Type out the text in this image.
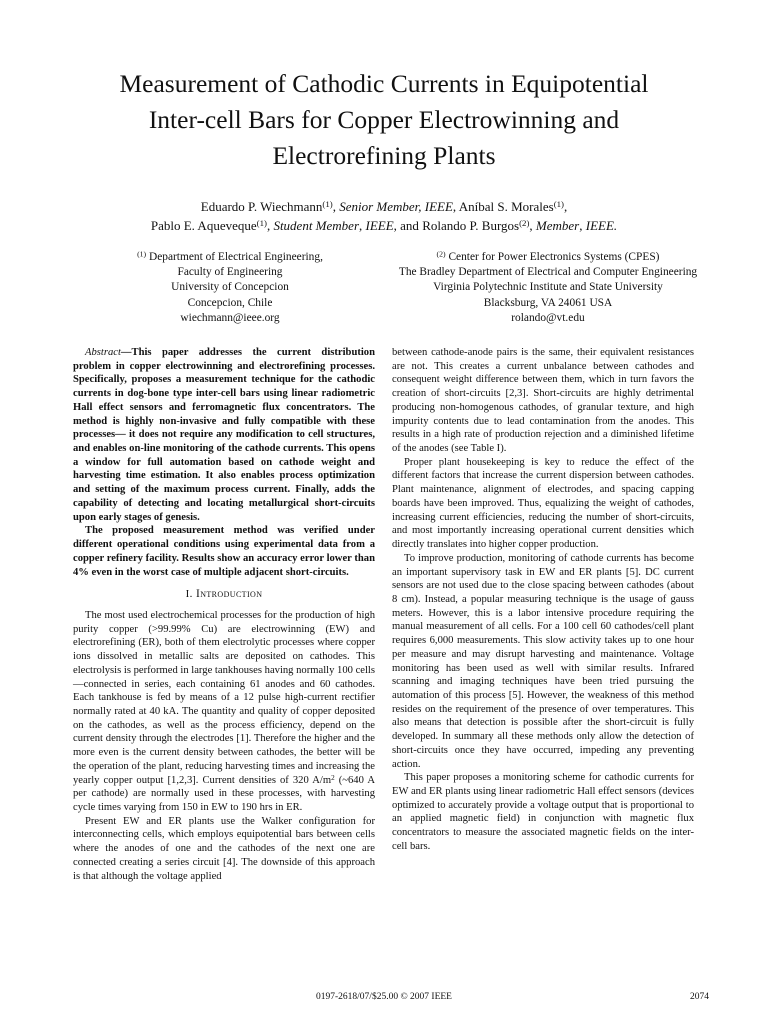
Measurement of Cathodic Currents in Equipotential
Inter-cell Bars for Copper Electrowinning and
Electrorefining Plants
Eduardo P. Wiechmann$^{(1)}$, Senior Member, IEEE, Aníbal S. Morales$^{(1)}$,
Pablo E. Aqueveque$^{(1)}$, Student Member, IEEE, and Rolando P. Burgos$^{(2)}$, Member, IEEE.
$^{(1)}$ Department of Electrical Engineering,
Faculty of Engineering
University of Concepcion
Concepcion, Chile
wiechmann@ieee.org
$^{(2)}$ Center for Power Electronics Systems (CPES)
The Bradley Department of Electrical and Computer Engineering
Virginia Polytechnic Institute and State University
Blacksburg, VA 24061 USA
rolando@vt.edu

Abstract—This paper addresses the current distribution problem in copper electrowinning and electrorefining processes. Specifically, proposes a measurement technique for the cathodic currents in dog-bone type inter-cell bars using linear radiometric Hall effect sensors and ferromagnetic flux concentrators. The method is highly non-invasive and fully compatible with these processes— it does not require any modification to cell structures, and enables on-line monitoring of the cathode currents. This opens a window for full automation based on cathode weight and harvesting time estimation. It also enables process optimization and setting of the maximum process current. Finally, adds the capability of detecting and locating metallurgical short-circuits upon early stages of genesis.

The proposed measurement method was verified under different operational conditions using experimental data from a copper refinery facility. Results show an accuracy error lower than 4% even in the worst case of multiple adjacent short-circuits.

I. Introduction

The most used electrochemical processes for the production of high purity copper (>99.99% Cu) are electrowinning (EW) and electrorefining (ER), both of them electrolytic processes where copper ions dissolved in metallic salts are deposited on cathodes. This electrolysis is performed in large tankhouses having normally 100 cells—connected in series, each containing 61 anodes and 60 cathodes. Each tankhouse is fed by means of a 12 pulse high-current rectifier normally rated at 40 kA. The quantity and quality of copper deposited on the cathodes, as well as the process efficiency, depend on the current density through the electrodes [1]. Therefore the higher and the more even is the current density between cathodes, the better will be the operation of the plant, reducing harvesting times and increasing the yearly copper output [1,2,3]. Current densities of 320 $A/m^2$ (~640 A per cathode) are normally used in these processes, with harvesting cycle times varying from 150 in EW to 190 hrs in ER.

Present EW and ER plants use the Walker configuration for interconnecting cells, which employs equipotential bars between cells where the anodes of one and the cathodes of the next one are connected creating a series circuit [4]. The downside of this approach is that although the voltage applied

between cathode-anode pairs is the same, their equivalent resistances are not. This creates a current unbalance between cathodes and consequent weight difference between them, which in turn favors the creation of short-circuits [2,3]. Short-circuits are highly detrimental producing non-homogenous cathodes, of granular texture, and high impurity contents due to lead contamination from the anodes. This results in a high rate of production rejection and a diminished lifetime of the anodes (see Table I).

Proper plant housekeeping is key to reduce the effect of the different factors that increase the current dispersion between cathodes. Plant maintenance, alignment of electrodes, and spacing capping boards have been improved. Thus, equalizing the weight of cathodes, increasing current efficiencies, reducing the number of short-circuits, and most importantly increasing operational current densities which directly translates into higher copper production.

To improve production, monitoring of cathode currents has become an important supervisory task in EW and ER plants [5]. DC current sensors are not used due to the close spacing between cathodes (about 8 cm). Instead, a popular measuring technique is the usage of gauss meters. However, this is a labor intensive procedure requiring the manual measurement of all cells. For a 100 cell 60 cathodes/cell plant requires 6,000 measurements. This slow activity takes up to one hour per measure and may disrupt harvesting and maintenance. Voltage monitoring has been used as well with similar results. Infrared scanning and imaging techniques have been tried pursuing the automation of this process [5]. However, the weakness of this method resides on the requirement of the presence of over temperatures. This also means that detection is possible after the short-circuit is fully developed. In summary all these methods only allow the detection of short-circuits once they have occurred, impeding any preventing action.

This paper proposes a monitoring scheme for cathodic currents for EW and ER plants using linear radiometric Hall effect sensors (devices optimized to accurately provide a voltage output that is proportional to an applied magnetic field) in conjunction with magnetic flux concentrators to measure the associated magnetic fields on the inter-cell bars.

0197-2618/07/$25.00 © 2007 IEEE	2074
